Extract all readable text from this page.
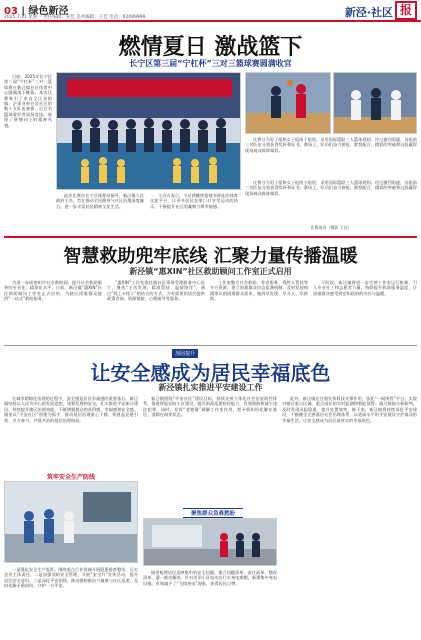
03 | 绿色新泾
2025.7.21 星期一 责任编辑：宋佳 美术编辑：王佳 电话：62089999	新泾·社区 报
燃情夏日 激战篮下
长宁区第三届“宁杠杯”三对三篮球赛圆满收官

日前，2025年长宁区第三届“宁杠杯”三对三篮球赛在新泾镇社区体育中心圆满落下帷幕。本次比赛吸引了来自全区各街镇、企事业单位及社区的数十支队伍参赛，近百名篮球爱好者同场竞技，展现了拼搏向上的精神风貌。

比赛分为男子组和女子组两个组别，采用国际篮联三人篮球规则。经过激烈角逐，各组前三名队伍分别获得奖杯和证书。赛场上，队员们奋力拼抢、默契配合，精彩的突破和远投赢得现场观众阵阵喝彩。

此次比赛由长宁区体育局指导，新泾镇人民政府主办，旨在推动全民健身与社区治理深度融合，进一步丰富居民精神文化生活。

主办方表示，今后将继续搭建多样化的体育交流平台，让更多居民在家门口享受运动的快乐，不断提升社区的凝聚力和幸福感。

比赛分为男子组和女子组两个组别，采用国际篮联三人篮球规则。经过激烈角逐，各组前三名队伍分别获得奖杯和证书。赛场上，队员们奋力拼抢、默契配合，精彩的突破和远投赢得现场观众阵阵喝彩。

比赛现场（摄影 王佳）
智慧救助兜牢底线 汇聚力量传播温暖
新泾镇“惠XIN”社区救助顾问工作室正式启用

为进一步织密织牢社会救助网，提升社会救助服务的专业化、精准化水平，日前，新泾镇“惠XIN”社区救助顾问工作室正式启用，为辖区困难群众提供“一站式”救助服务。

“惠XIN”工作室依托镇社区事务受理服务中心设立，聚焦“主动发现、精准帮扶、温情陪伴”，通过“线上+线下”相结合的方式，为有需要的居民提供政策咨询、资源链接、心理疏导等服务。

工作室整合社会救助、养老服务、残疾人帮扶等多方资源，建立困难群众动态监测机制，及时发现和精准识别困难群众需求，做到早发现、早介入、早救助。

下阶段，新泾镇将进一步完善工作室运行机制，引入专业社工和志愿者力量，持续提升救助服务温度，让困难群众感受到党和政府的关怀与温暖。

加固提升
让安全感成为居民幸福底色
新泾镇扎实推进平安建设工作

在城市精细化治理的过程中，安全感是居民幸福感的重要基石。新泾镇坚持以人民为中心的发展思想，统筹发展和安全，扎实推进平安新泾建设，持续提升辖区治理效能，不断增强群众的获得感、幸福感和安全感。镇里以“平安社区”创建为抓手，推动基层治理重心下移，构建起党建引领、多方参与、共建共治的基层治理格局。

筑牢安全生产防线

一是强化安全生产监管。围绕重点行业领域开展隐患排查整治，压实企业主体责任。二是加强消防安全管理，开展“安全月”宣传活动，提升居民安全意识。三是深化平安创建，推动群防群治力量参与社区巡逻，及时化解矛盾纠纷，守护一方平安。

新泾镇围绕“平安社区”建设目标，持续完善立体化社会治安防控体系，推进智能安防小区建设，提升街面巡逻防控能力，有效预防和减少违法犯罪。同时，发挥“老娘舅”调解工作室作用，把矛盾纠纷化解在基层、消除在萌芽状态。

聚焦群众急难愁盼

镇里梳理居民反映集中的安全问题，建立问题清单、责任清单、整改清单，逐一推动解决。针对老旧小区电动自行车充电难题，新建集中充电设施，有效减少了“飞线充电”现象，获得居民点赞。

此外，新泾镇还注重发挥科技支撑作用，依托“一网统管”平台，实现对辖区重点区域、重点部位的实时监测和智能预警。通过数据分析研判，及时发现风险隐患，提升处置效率。接下来，新泾镇将持续深化平安建设，不断健全完善基层社会治理体系，以更高水平的平安建设守护群众的幸福生活，让安全感成为居民最厚实的幸福底色。
